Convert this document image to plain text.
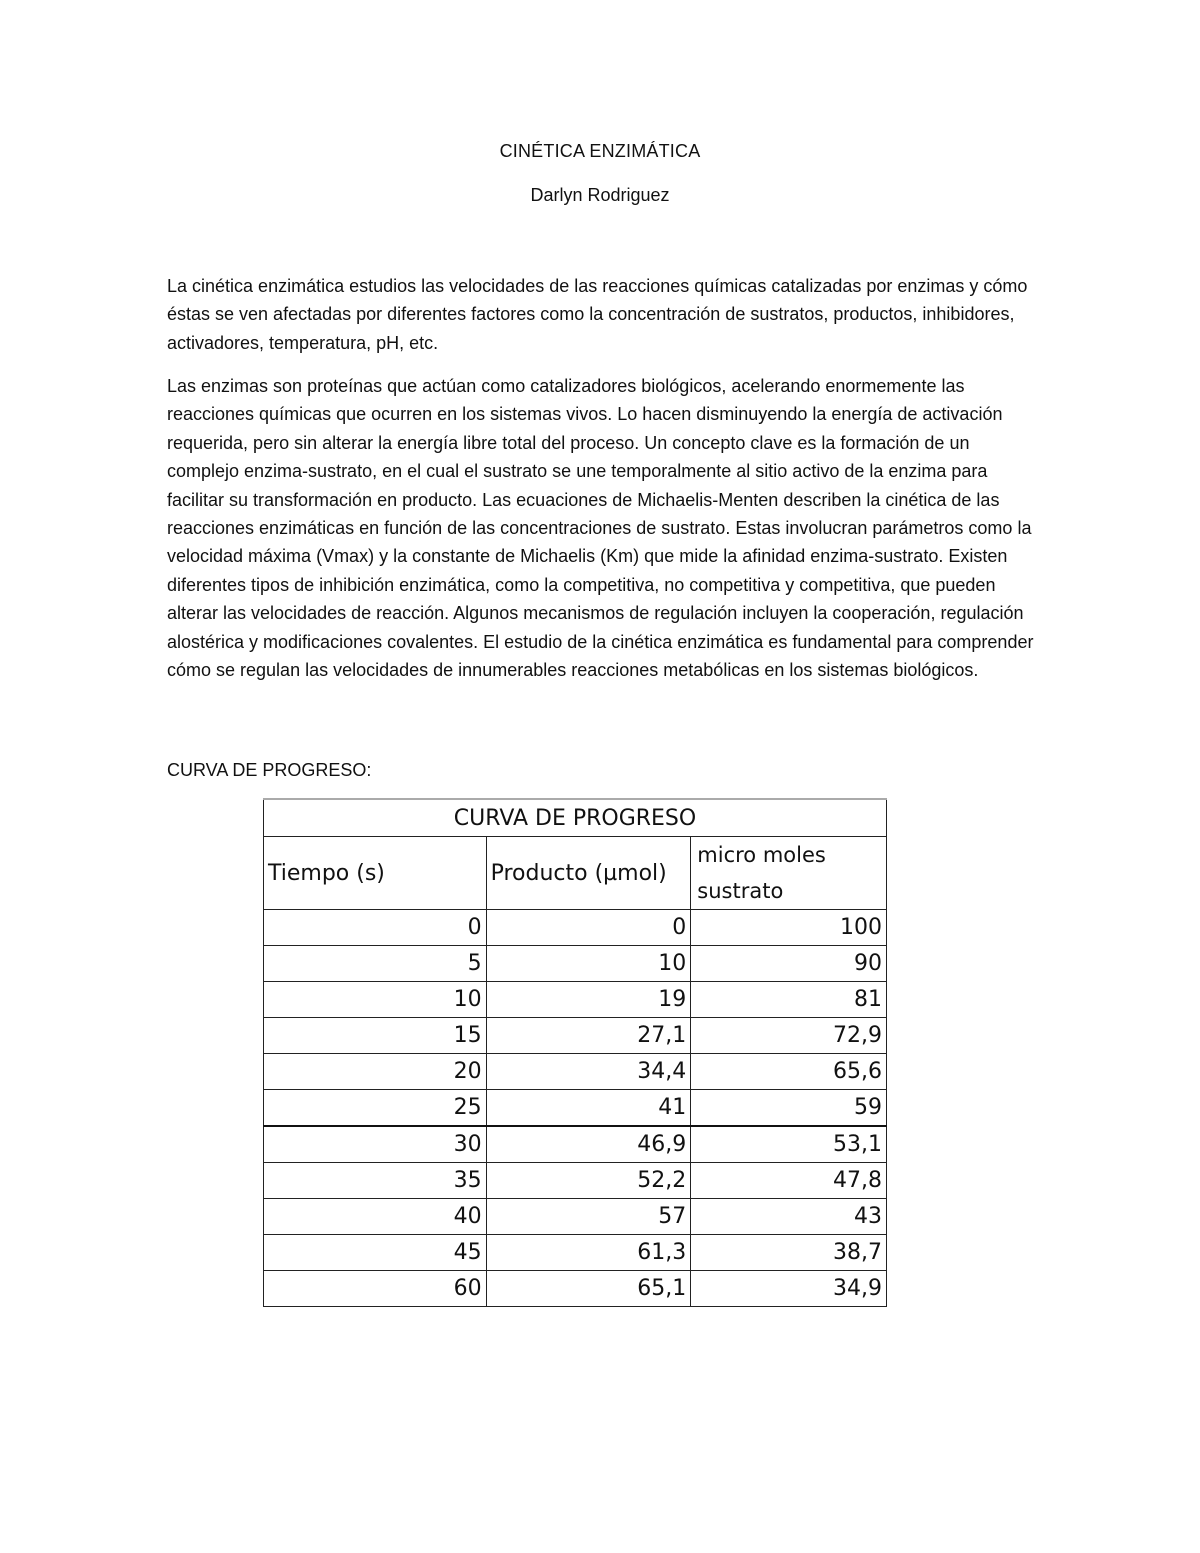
CINÉTICA ENZIMÁTICA
Darlyn Rodriguez

La cinética enzimática estudios las velocidades de las reacciones químicas catalizadas por enzimas y cómo éstas se ven afectadas por diferentes factores como la concentración de sustratos, productos, inhibidores, activadores, temperatura, pH, etc.

Las enzimas son proteínas que actúan como catalizadores biológicos, acelerando enormemente las reacciones químicas que ocurren en los sistemas vivos. Lo hacen disminuyendo la energía de activación requerida, pero sin alterar la energía libre total del proceso. Un concepto clave es la formación de un complejo enzima-sustrato, en el cual el sustrato se une temporalmente al sitio activo de la enzima para facilitar su transformación en producto. Las ecuaciones de Michaelis-Menten describen la cinética de las reacciones enzimáticas en función de las concentraciones de sustrato. Estas involucran parámetros como la velocidad máxima (Vmax) y la constante de Michaelis (Km) que mide la afinidad enzima-sustrato. Existen diferentes tipos de inhibición enzimática, como la competitiva, no competitiva y competitiva, que pueden alterar las velocidades de reacción. Algunos mecanismos de regulación incluyen la cooperación, regulación alostérica y modificaciones covalentes. El estudio de la cinética enzimática es fundamental para comprender cómo se regulan las velocidades de innumerables reacciones metabólicas en los sistemas biológicos.

CURVA DE PROGRESO:
CURVA DE PROGRESO		
Tiempo (s)	Producto (µmol)	micro moles sustrato
0	0	100
5	10	90
10	19	81
15	27,1	72,9
20	34,4	65,6
25	41	59
30	46,9	53,1
35	52,2	47,8
40	57	43
45	61,3	38,7
60	65,1	34,9
